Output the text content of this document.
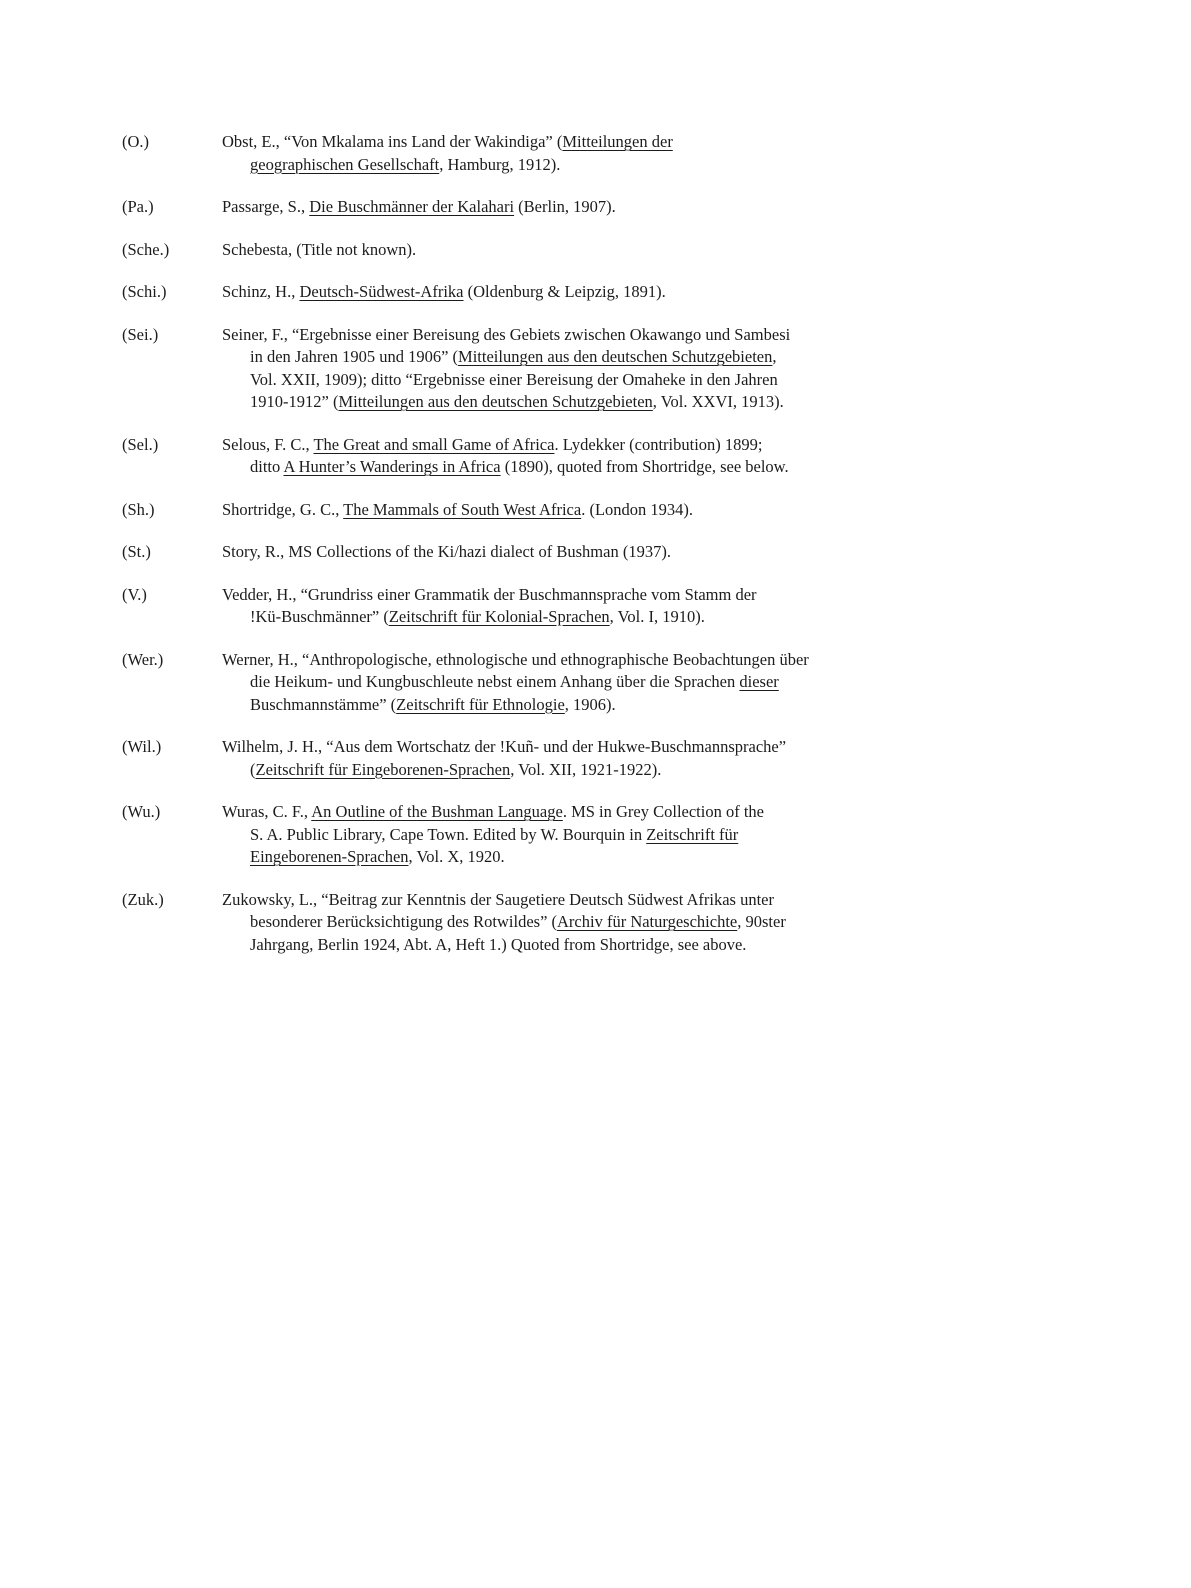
(O.)	Obst, E., “Von Mkalama ins Land der Wakindiga” (Mitteilungen der
geographischen Gesellschaft, Hamburg, 1912).
(Pa.)	Passarge, S., Die Buschmänner der Kalahari (Berlin, 1907).
(Sche.)	Schebesta, (Title not known).
(Schi.)	Schinz, H., Deutsch-Südwest-Afrika (Oldenburg & Leipzig, 1891).
(Sei.)	Seiner, F., “Ergebnisse einer Bereisung des Gebiets zwischen Okawango und Sambesi
in den Jahren 1905 und 1906” (Mitteilungen aus den deutschen Schutzgebieten,
Vol. XXII, 1909); ditto “Ergebnisse einer Bereisung der Omaheke in den Jahren
1910-1912” (Mitteilungen aus den deutschen Schutzgebieten, Vol. XXVI, 1913).
(Sel.)	Selous, F. C., The Great and small Game of Africa. Lydekker (contribution) 1899;
ditto A Hunter’s Wanderings in Africa (1890), quoted from Shortridge, see below.
(Sh.)	Shortridge, G. C., The Mammals of South West Africa. (London 1934).
(St.)	Story, R., MS Collections of the Ki/hazi dialect of Bushman (1937).
(V.)	Vedder, H., “Grundriss einer Grammatik der Buschmannsprache vom Stamm der
!Kü-Buschmänner” (Zeitschrift für Kolonial-Sprachen, Vol. I, 1910).
(Wer.)	Werner, H., “Anthropologische, ethnologische und ethnographische Beobachtungen über
die Heikum- und Kungbuschleute nebst einem Anhang über die Sprachen dieser
Buschmannstämme” (Zeitschrift für Ethnologie, 1906).
(Wil.)	Wilhelm, J. H., “Aus dem Wortschatz der !Kuñ- und der Hukwe-Buschmannsprache”
(Zeitschrift für Eingeborenen-Sprachen, Vol. XII, 1921-1922).
(Wu.)	Wuras, C. F., An Outline of the Bushman Language. MS in Grey Collection of the
S. A. Public Library, Cape Town. Edited by W. Bourquin in Zeitschrift für
Eingeborenen-Sprachen, Vol. X, 1920.
(Zuk.)	Zukowsky, L., “Beitrag zur Kenntnis der Saugetiere Deutsch Südwest Afrikas unter
besonderer Berücksichtigung des Rotwildes” (Archiv für Naturgeschichte, 90ster
Jahrgang, Berlin 1924, Abt. A, Heft 1.) Quoted from Shortridge, see above.
